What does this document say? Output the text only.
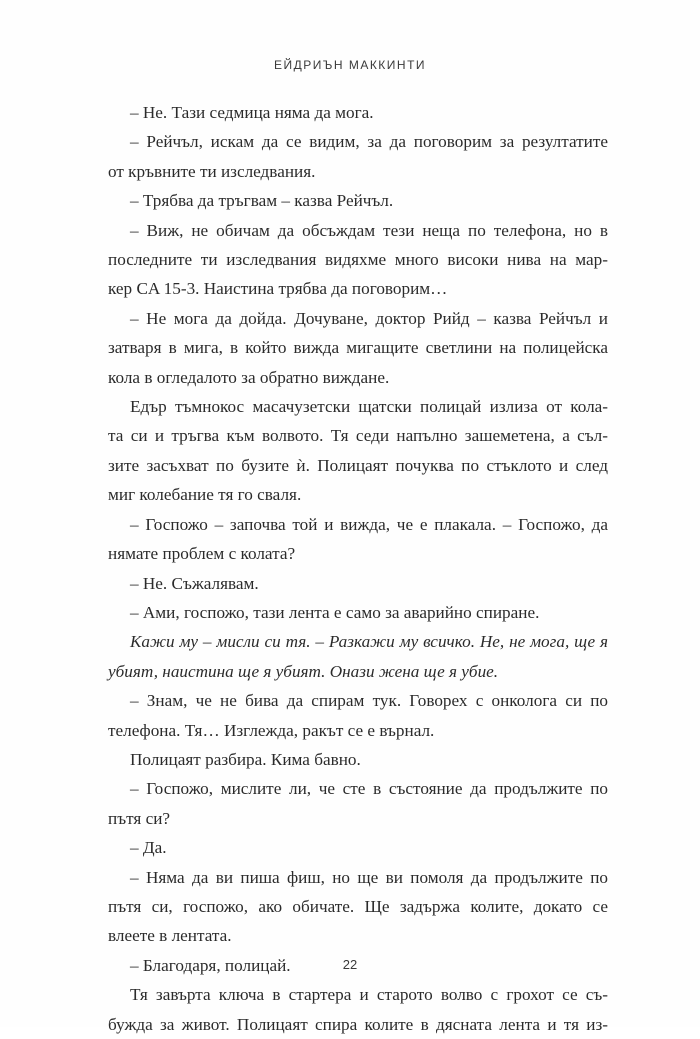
ЕЙДРИЪН МАККИНТИ
– Не. Тази седмица няма да мога.
– Рейчъл, искам да се видим, за да поговорим за резултатите
от кръвните ти изследвания.
– Трябва да тръгвам – казва Рейчъл.
– Виж, не обичам да обсъждам тези неща по телефона, но в
последните ти изследвания видяхме много високи нива на мар-
кер CA 15-3. Наистина трябва да поговорим…
– Не мога да дойда. Дочуване, доктор Рийд – казва Рейчъл и
затваря в мига, в който вижда мигащите светлини на полицейска
кола в огледалото за обратно виждане.
Едър тъмнокос масачузетски щатски полицай излиза от кола-
та си и тръгва към волвото. Тя седи напълно зашеметена, а съл-
зите засъхват по бузите ѝ. Полицаят почуква по стъклото и след
миг колебание тя го сваля.
– Госпожо – започва той и вижда, че е плакала. – Госпожо, да
нямате проблем с колата?
– Не. Съжалявам.
– Ами, госпожо, тази лента е само за аварийно спиране.
Кажи му – мисли си тя. – Разкажи му всичко. Не, не мога, ще я
убият, наистина ще я убият. Онази жена ще я убие.
– Знам, че не бива да спирам тук. Говорех с онколога си по
телефона. Тя… Изглежда, ракът се е върнал.
Полицаят разбира. Кима бавно.
– Госпожо, мислите ли, че сте в състояние да продължите по
пътя си?
– Да.
– Няма да ви пиша фиш, но ще ви помоля да продължите по
пътя си, госпожо, ако обичате. Ще задържа колите, докато се
влеете в лентата.
– Благодаря, полицай.
Тя завърта ключа в стартера и старото волво с грохот се съ-
бужда за живот. Полицаят спира колите в дясната лента и тя из-
22
